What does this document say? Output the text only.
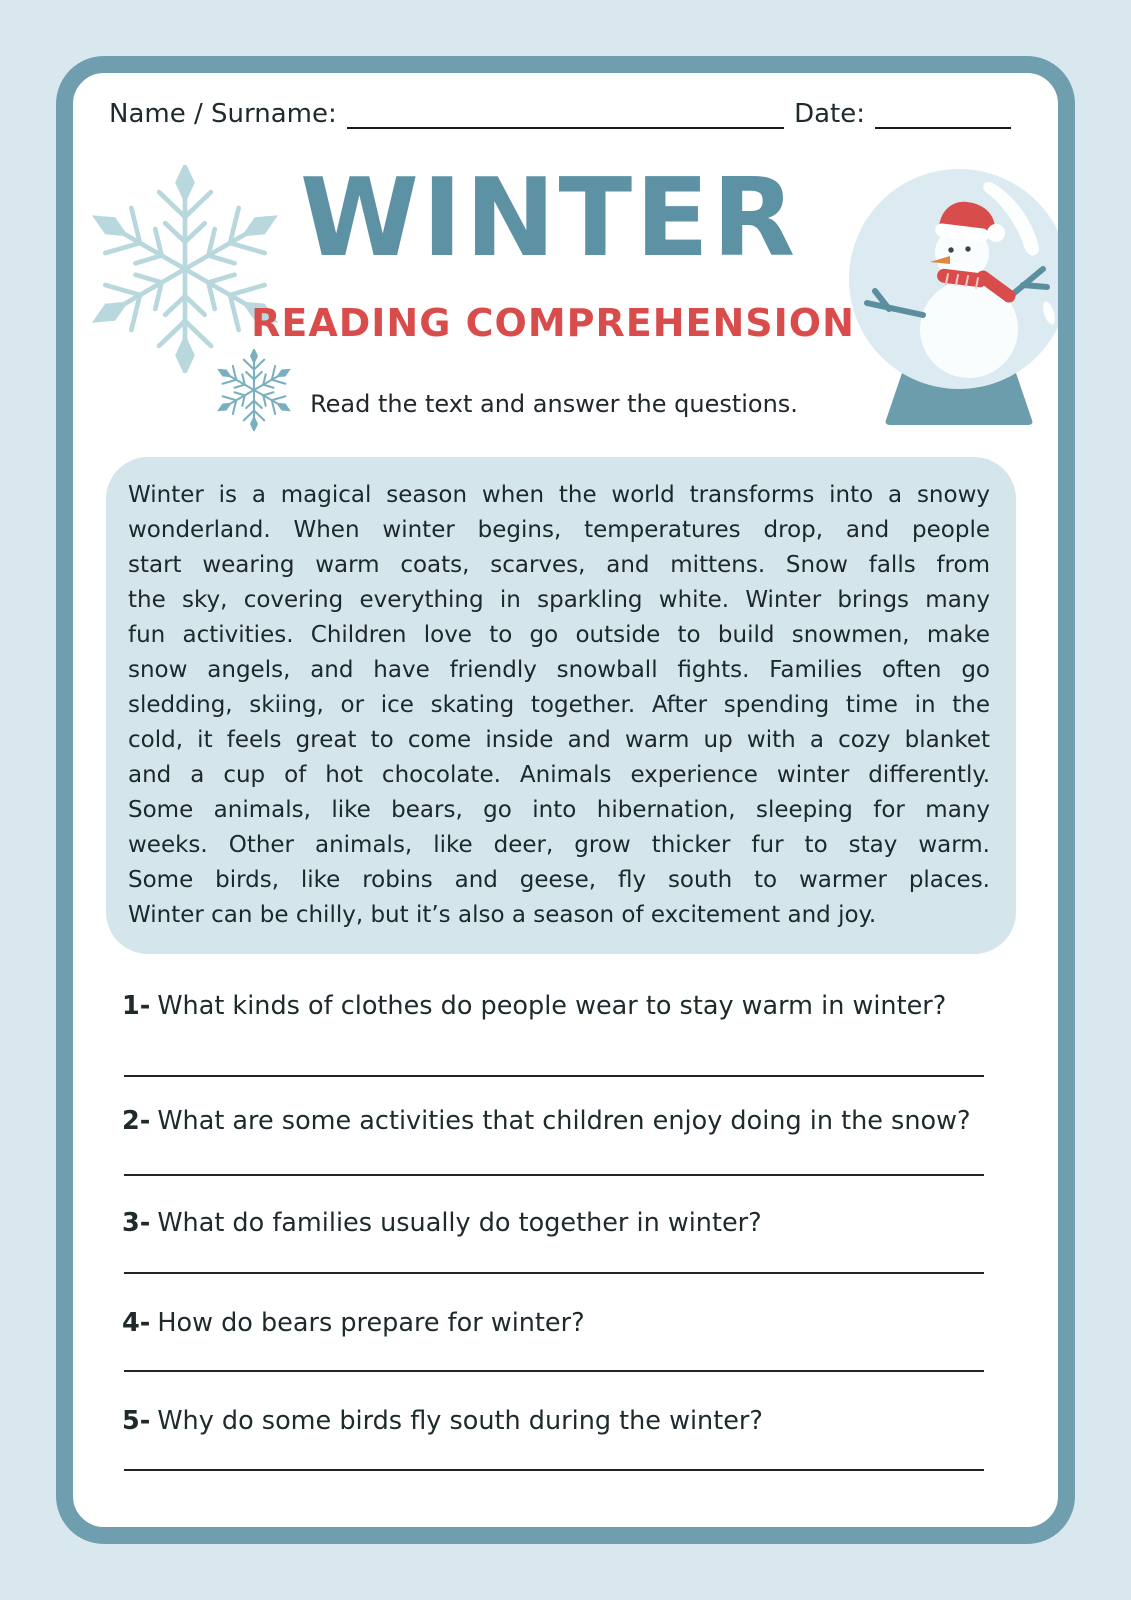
Name / Surname:	Date:
WINTER
READING COMPREHENSION
Read the text and answer the questions.
Winter is a magical season when the world transforms into a snowy
wonderland. When winter begins, temperatures drop, and people
start wearing warm coats, scarves, and mittens. Snow falls from
the sky, covering everything in sparkling white. Winter brings many
fun activities. Children love to go outside to build snowmen, make
snow angels, and have friendly snowball fights. Families often go
sledding, skiing, or ice skating together. After spending time in the
cold, it feels great to come inside and warm up with a cozy blanket
and a cup of hot chocolate. Animals experience winter differently.
Some animals, like bears, go into hibernation, sleeping for many
weeks. Other animals, like deer, grow thicker fur to stay warm.
Some birds, like robins and geese, fly south to warmer places.
Winter can be chilly, but it’s also a season of excitement and joy.
1- What kinds of clothes do people wear to stay warm in winter?
2- What are some activities that children enjoy doing in the snow?
3- What do families usually do together in winter?
4- How do bears prepare for winter?
5- Why do some birds fly south during the winter?
